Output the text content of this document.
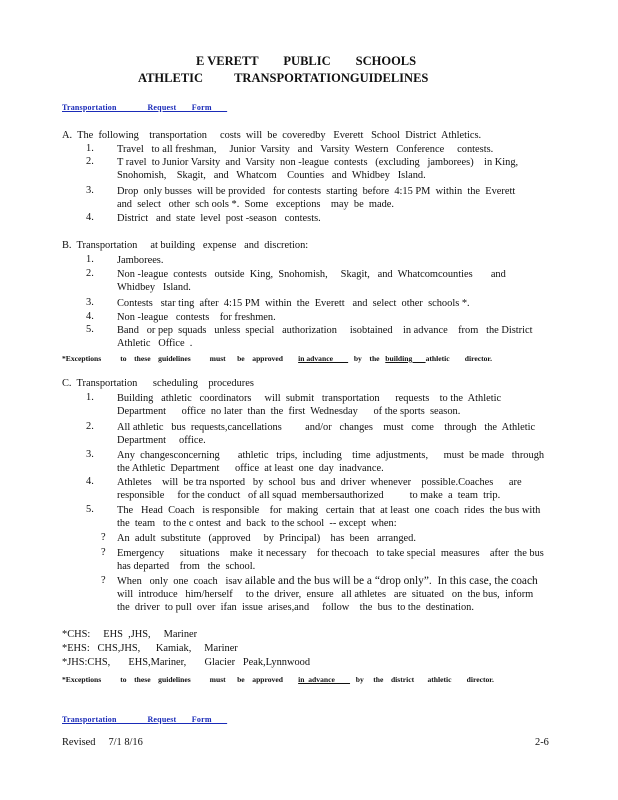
E VERETT        PUBLIC        SCHOOLS
ATHLETIC          TRANSPORTATIONGUIDELINES
Transportation              Request       Form
A.  The  following    transportation     costs  will  be  coveredby   Everett   School  District  Athletics.
1. Travel   to all freshman,     Junior  Varsity   and   Varsity  Western   Conference     contests.
2. T ravel  to Junior Varsity  and  Varsity  non -league  contests   (excluding   jamborees)    in King,
Snohomish,    Skagit,   and   Whatcom    Counties   and  Whidbey   Island.
3. Drop  only busses  will be provided   for contests  starting  before  4:15 PM  within  the  Everett
and  select   other  sch ools *.  Some   exceptions    may  be  made.
4. District   and  state  level  post -season   contests.
B.  Transportation     at building   expense   and  discretion:
1. Jamborees.
2. Non -league  contests   outside  King,  Snohomish,     Skagit,   and  Whatcomcounties       and
Whidbey   Island.
3. Contests   star ting  after  4:15 PM  within  the  Everett   and  select  other  schools *.
4. Non -league   contests    for freshmen.
5. Band   or pep  squads   unless  special   authorization     isobtained    in advance    from   the District
Athletic   Office  .
*Exceptions          to    these    guidelines          must      be    approved        in advance           by    the   building       athletic        director.
C.  Transportation      scheduling    procedures
1. Building   athletic   coordinators     will  submit   transportation      requests    to the  Athletic
Department      office  no later  than  the  first  Wednesday      of the sports  season.
2. All athletic   bus  requests,cancellations         and/or   changes    must   come    through   the  Athletic
Department     office.
3. Any  changesconcerning       athletic   trips,  including    time  adjustments,      must  be made   through
the Athletic  Department      office  at least  one  day  inadvance.
4. Athletes    will  be tra nsported   by  school  bus  and  driver  whenever    possible.Coaches      are
responsible     for the conduct   of all squad  membersauthorized          to make  a  team  trip.
5. The   Head  Coach   is responsible    for  making   certain  that  at least  one  coach  rides  the bus with
the  team   to the c ontest  and  back  to the school  -- except  when:
? An  adult  substitute   (approved     by  Principal)    has  been   arranged.
? Emergency      situations    make  it necessary    for thecoach   to take special  measures    after  the bus
has departed    from   the  school.
? When   only  one  coach   isav ailable and the bus will be a “drop only”.  In this case, the coach
will  introduce   him/herself     to the  driver,  ensure   all athletes   are  situated   on  the bus,  inform
the  driver  to pull  over  ifan  issue  arises,and     follow    the  bus  to the  destination.
*CHS:     EHS  ,JHS,     Mariner
*EHS:   CHS,JHS,      Kamiak,     Mariner
*JHS:CHS,       EHS,Mariner,       Glacier   Peak,Lynnwood
*Exceptions          to    these    guidelines          must      be    approved        in  advance           by     the    district       athletic        director.
Transportation              Request       Form
Revised     7/1 8/16	2-6
